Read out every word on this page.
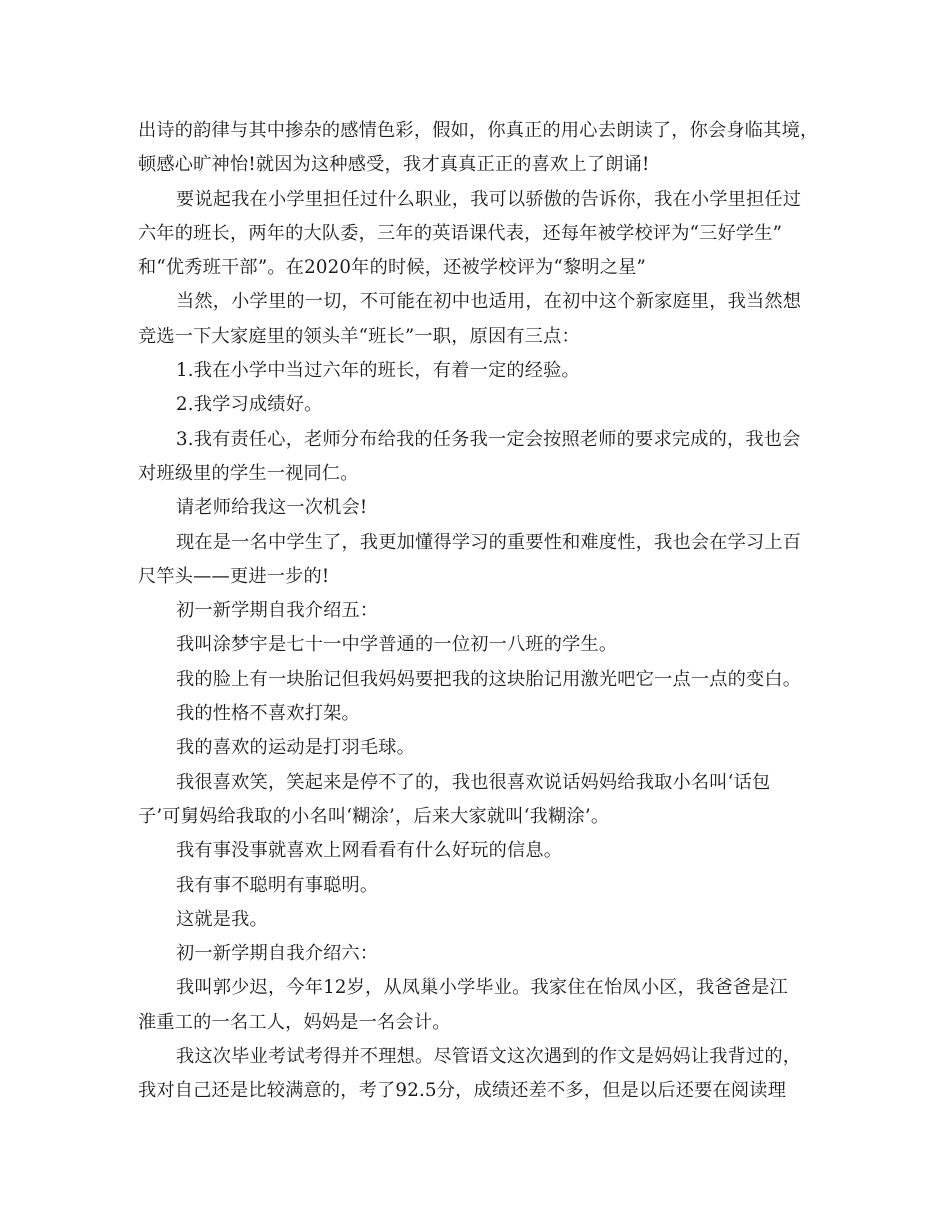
出诗的韵律与其中掺杂的感情色彩，假如，你真正的用心去朗读了，你会身临其境，
顿感心旷神怡!就因为这种感受，我才真真正正的喜欢上了朗诵!
要说起我在小学里担任过什么职业，我可以骄傲的告诉你，我在小学里担任过
六年的班长，两年的大队委，三年的英语课代表，还每年被学校评为“三好学生”
和“优秀班干部”。在2020年的时候，还被学校评为“黎明之星”
当然，小学里的一切，不可能在初中也适用，在初中这个新家庭里，我当然想
竞选一下大家庭里的领头羊“班长”一职，原因有三点：
1.我在小学中当过六年的班长，有着一定的经验。
2.我学习成绩好。
3.我有责任心，老师分布给我的任务我一定会按照老师的要求完成的，我也会
对班级里的学生一视同仁。
请老师给我这一次机会!
现在是一名中学生了，我更加懂得学习的重要性和难度性，我也会在学习上百
尺竿头——更进一步的!
初一新学期自我介绍五：
我叫涂梦宇是七十一中学普通的一位初一八班的学生。
我的脸上有一块胎记但我妈妈要把我的这块胎记用激光吧它一点一点的变白。
我的性格不喜欢打架。
我的喜欢的运动是打羽毛球。
我很喜欢笑，笑起来是停不了的，我也很喜欢说话妈妈给我取小名叫‘话包
子’可舅妈给我取的小名叫‘糊涂’，后来大家就叫‘我糊涂’。
我有事没事就喜欢上网看看有什么好玩的信息。
我有事不聪明有事聪明。
这就是我。
初一新学期自我介绍六：
我叫郭少迟，今年12岁，从凤巢小学毕业。我家住在怡凤小区，我爸爸是江
淮重工的一名工人，妈妈是一名会计。
我这次毕业考试考得并不理想。尽管语文这次遇到的作文是妈妈让我背过的，
我对自己还是比较满意的，考了92.5分，成绩还差不多，但是以后还要在阅读理
